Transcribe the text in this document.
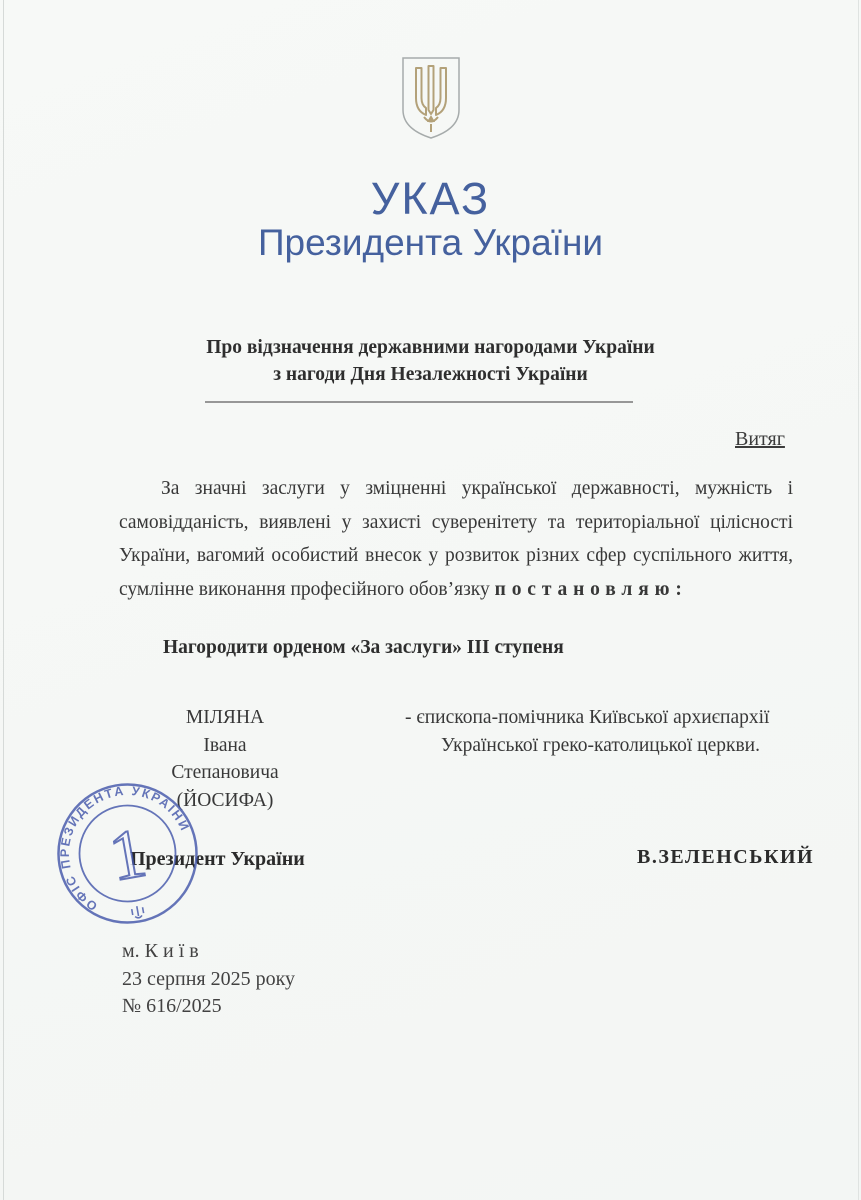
УКАЗ
Президента України
Про відзначення державними нагородами України
з нагоди Дня Незалежності України
Витяг

За значні заслуги у зміцненні української державності, мужність і самовідданість, виявлені у захисті суверенітету та територіальної цілісності України, вагомий особистий внесок у розвиток різних сфер суспільного життя, сумлінне виконання професійного обов’язку постановляю:

Нагородити орденом «За заслуги» ІІІ ступеня
МІЛЯНА
Івана Степановича
(ЙОСИФА)
- єпископа-помічника Київської архиєпархії
Української греко-католицької церкви.
Президент України	В.ЗЕЛЕНСЬКИЙ
ОФІС ПРЕЗИДЕНТА УКРАЇНИ
1
м. К и ї в
23 серпня 2025 року
№ 616/2025
